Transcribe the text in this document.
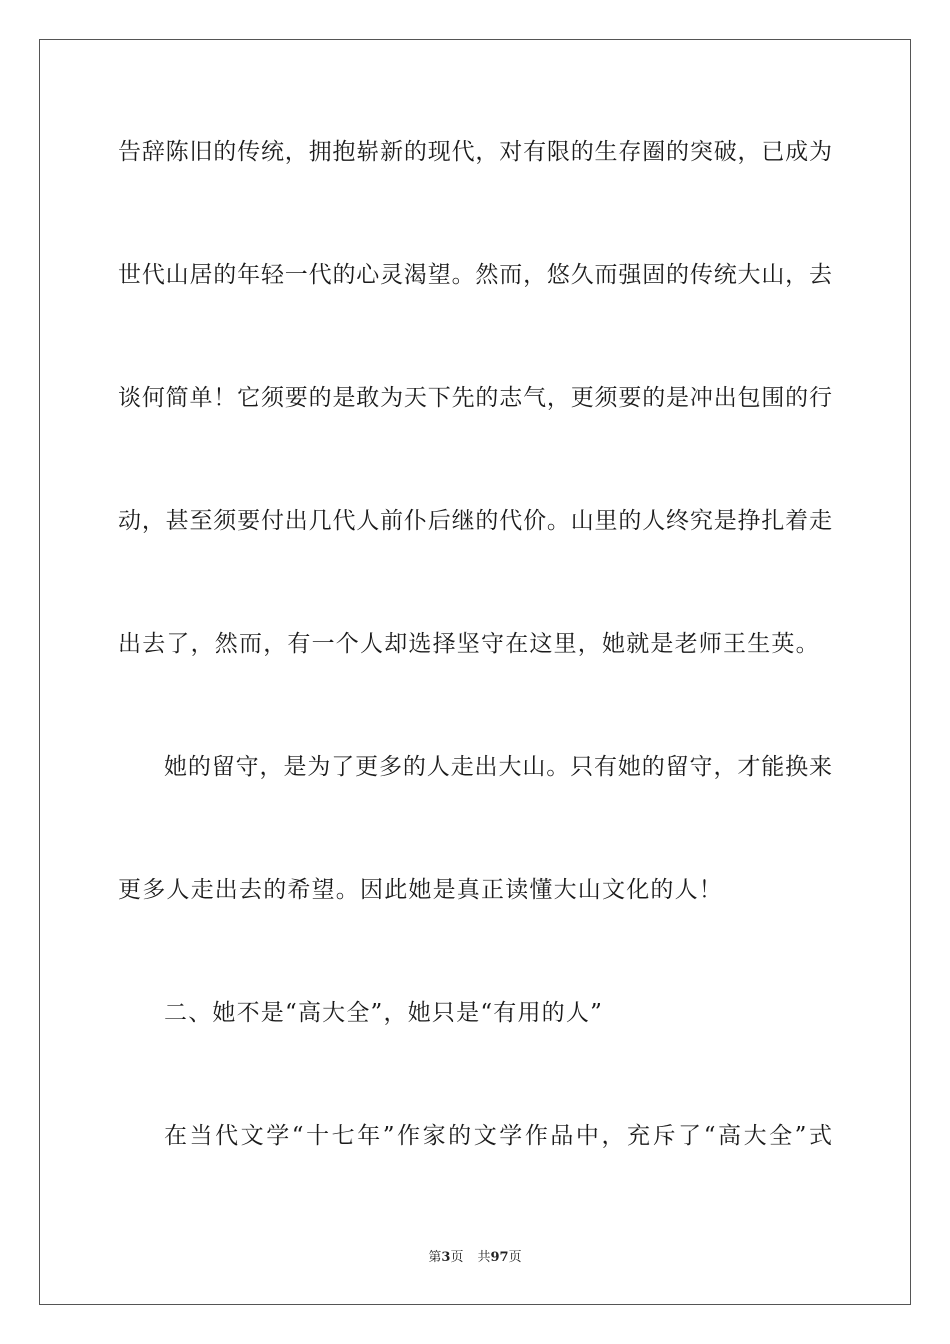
告辞陈旧的传统，拥抱崭新的现代，对有限的生存圈的突破，已成为
世代山居的年轻一代的心灵渴望。然而，悠久而强固的传统大山，去
谈何简单！它须要的是敢为天下先的志气，更须要的是冲出包围的行
动，甚至须要付出几代人前仆后继的代价。山里的人终究是挣扎着走
出去了，然而，有一个人却选择坚守在这里，她就是老师王生英。
她的留守，是为了更多的人走出大山。只有她的留守，才能换来
更多人走出去的希望。因此她是真正读懂大山文化的人！
二、她不是“高大全”，她只是“有用的人”
在当代文学“十七年”作家的文学作品中，充斥了“高大全”式
第3页 共97页
